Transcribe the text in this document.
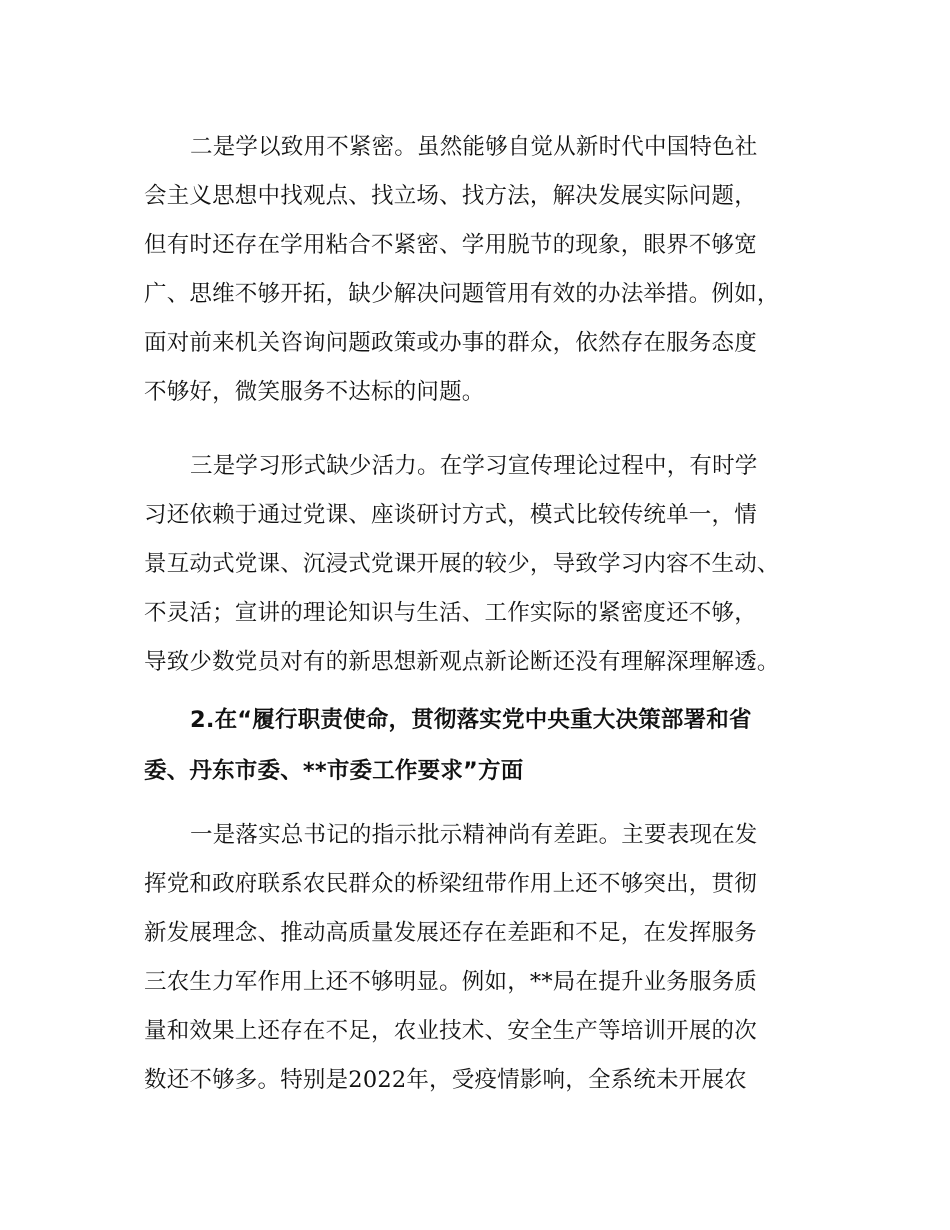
二是学以致用不紧密。虽然能够自觉从新时代中国特色社
会主义思想中找观点、找立场、找方法，解决发展实际问题，
但有时还存在学用粘合不紧密、学用脱节的现象，眼界不够宽
广、思维不够开拓，缺少解决问题管用有效的办法举措。例如，
面对前来机关咨询问题政策或办事的群众，依然存在服务态度
不够好，微笑服务不达标的问题。
三是学习形式缺少活力。在学习宣传理论过程中，有时学
习还依赖于通过党课、座谈研讨方式，模式比较传统单一，情
景互动式党课、沉浸式党课开展的较少，导致学习内容不生动、
不灵活；宣讲的理论知识与生活、工作实际的紧密度还不够，
导致少数党员对有的新思想新观点新论断还没有理解深理解透。
2.在“履行职责使命，贯彻落实党中央重大决策部署和省
委、丹东市委、**市委工作要求”方面
一是落实总书记的指示批示精神尚有差距。主要表现在发
挥党和政府联系农民群众的桥梁纽带作用上还不够突出，贯彻
新发展理念、推动高质量发展还存在差距和不足，在发挥服务
三农生力军作用上还不够明显。例如，**局在提升业务服务质
量和效果上还存在不足，农业技术、安全生产等培训开展的次
数还不够多。特别是2022年，受疫情影响，全系统未开展农
